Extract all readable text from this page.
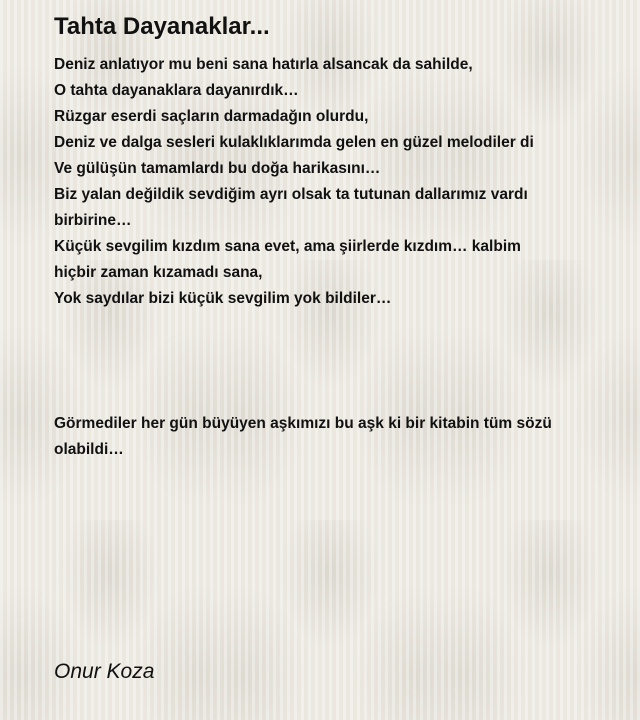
Tahta Dayanaklar...
Deniz anlatıyor mu beni sana hatırla alsancak da sahilde,
O tahta dayanaklara dayanırdık…
Rüzgar eserdi saçların darmadağın olurdu,
Deniz ve dalga sesleri kulaklıklarımda gelen en güzel melodiler di
Ve gülüşün tamamlardı bu doğa harikasını…
Biz yalan değildik sevdiğim ayrı olsak ta tutunan dallarımız vardı
birbirine…
Küçük sevgilim kızdım sana evet, ama şiirlerde kızdım… kalbim
hiçbir zaman kızamadı sana,
Yok saydılar bizi küçük sevgilim yok bildiler…
Görmediler her gün büyüyen aşkımızı bu aşk ki bir kitabin tüm sözü
olabildi…
Onur Koza
